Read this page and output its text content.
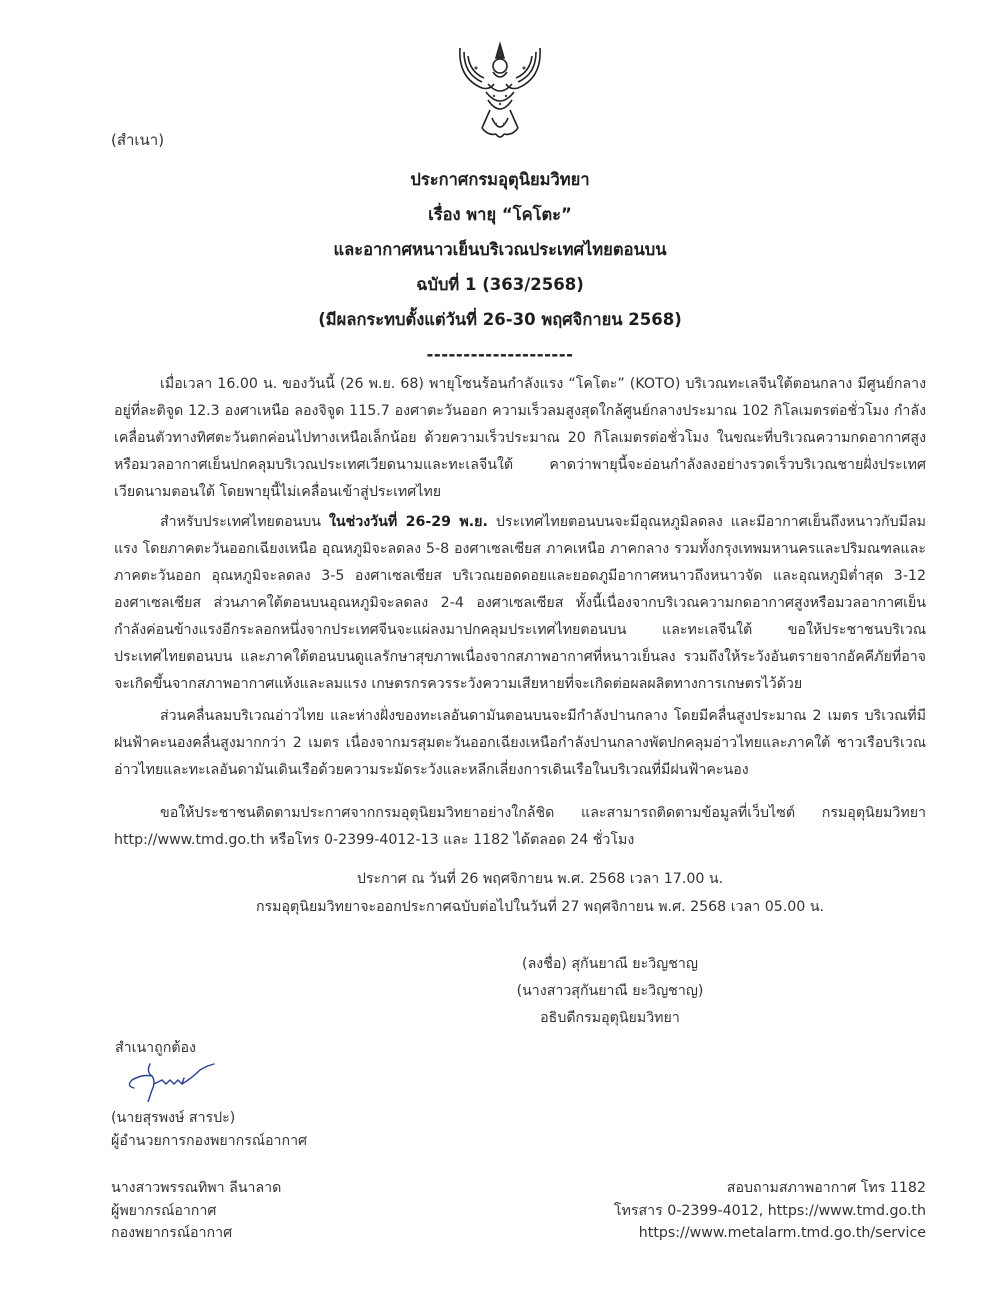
(สำเนา)
ประกาศกรมอุตุนิยมวิทยา
เรื่อง พายุ “โคโตะ”
และอากาศหนาวเย็นบริเวณประเทศไทยตอนบน
ฉบับที่ 1 (363/2568)
(มีผลกระทบตั้งแต่วันที่ 26-30 พฤศจิกายน 2568)
--------------------

เมื่อเวลา 16.00 น. ของวันนี้ (26 พ.ย. 68) พายุโซนร้อนกำลังแรง “โคโตะ” (KOTO) บริเวณทะเลจีนใต้ตอนกลาง มีศูนย์กลางอยู่ที่ละติจูด 12.3 องศาเหนือ ลองจิจูด 115.7 องศาตะวันออก ความเร็วลมสูงสุดใกล้ศูนย์กลางประมาณ 102 กิโลเมตรต่อชั่วโมง กำลังเคลื่อนตัวทางทิศตะวันตกค่อนไปทางเหนือเล็กน้อย ด้วยความเร็วประมาณ 20 กิโลเมตรต่อชั่วโมง ในขณะที่บริเวณความกดอากาศสูงหรือมวลอากาศเย็นปกคลุมบริเวณประเทศเวียดนามและทะเลจีนใต้ คาดว่าพายุนี้จะอ่อนกำลังลงอย่างรวดเร็วบริเวณชายฝั่งประเทศเวียดนามตอนใต้ โดยพายุนี้ไม่เคลื่อนเข้าสู่ประเทศไทย

สำหรับประเทศไทยตอนบน ในช่วงวันที่ 26-29 พ.ย. ประเทศไทยตอนบนจะมีอุณหภูมิลดลง และมีอากาศเย็นถึงหนาวกับมีลมแรง โดยภาคตะวันออกเฉียงเหนือ อุณหภูมิจะลดลง 5-8 องศาเซลเซียส ภาคเหนือ ภาคกลาง รวมทั้งกรุงเทพมหานครและปริมณฑลและภาคตะวันออก อุณหภูมิจะลดลง 3-5 องศาเซลเซียส บริเวณยอดดอยและยอดภูมีอากาศหนาวถึงหนาวจัด และอุณหภูมิต่ำสุด 3-12 องศาเซลเซียส ส่วนภาคใต้ตอนบนอุณหภูมิจะลดลง 2-4 องศาเซลเซียส ทั้งนี้เนื่องจากบริเวณความกดอากาศสูงหรือมวลอากาศเย็นกำลังค่อนข้างแรงอีกระลอกหนึ่งจากประเทศจีนจะแผ่ลงมาปกคลุมประเทศไทยตอนบน และทะเลจีนใต้ ขอให้ประชาชนบริเวณประเทศไทยตอนบน และภาคใต้ตอนบนดูแลรักษาสุขภาพเนื่องจากสภาพอากาศที่หนาวเย็นลง รวมถึงให้ระวังอันตรายจากอัคคีภัยที่อาจจะเกิดขึ้นจากสภาพอากาศแห้งและลมแรง เกษตรกรควรระวังความเสียหายที่จะเกิดต่อผลผลิตทางการเกษตรไว้ด้วย

ส่วนคลื่นลมบริเวณอ่าวไทย และห่างฝั่งของทะเลอันดามันตอนบนจะมีกำลังปานกลาง โดยมีคลื่นสูงประมาณ 2 เมตร บริเวณที่มีฝนฟ้าคะนองคลื่นสูงมากกว่า 2 เมตร เนื่องจากมรสุมตะวันออกเฉียงเหนือกำลังปานกลางพัดปกคลุมอ่าวไทยและภาคใต้ ชาวเรือบริเวณอ่าวไทยและทะเลอันดามันเดินเรือด้วยความระมัดระวังและหลีกเลี่ยงการเดินเรือในบริเวณที่มีฝนฟ้าคะนอง

ขอให้ประชาชนติดตามประกาศจากกรมอุตุนิยมวิทยาอย่างใกล้ชิด และสามารถติดตามข้อมูลที่เว็บไซต์ กรมอุตุนิยมวิทยา http://www.tmd.go.th หรือโทร 0-2399-4012-13 และ 1182 ได้ตลอด 24 ชั่วโมง

ประกาศ ณ วันที่ 26 พฤศจิกายน พ.ศ. 2568 เวลา 17.00 น.
กรมอุตุนิยมวิทยาจะออกประกาศฉบับต่อไปในวันที่ 27 พฤศจิกายน พ.ศ. 2568 เวลา 05.00 น.
(ลงชื่อ) สุกันยาณี ยะวิญชาญ
(นางสาวสุกันยาณี ยะวิญชาญ)
อธิบดีกรมอุตุนิยมวิทยา
สำเนาถูกต้อง
(นายสุรพงษ์ สารปะ)
ผู้อำนวยการกองพยากรณ์อากาศ
นางสาวพรรณทิพา ลีนาลาด
ผู้พยากรณ์อากาศ
กองพยากรณ์อากาศ
สอบถามสภาพอากาศ โทร 1182
โทรสาร 0-2399-4012, https://www.tmd.go.th
https://www.metalarm.tmd.go.th/service
